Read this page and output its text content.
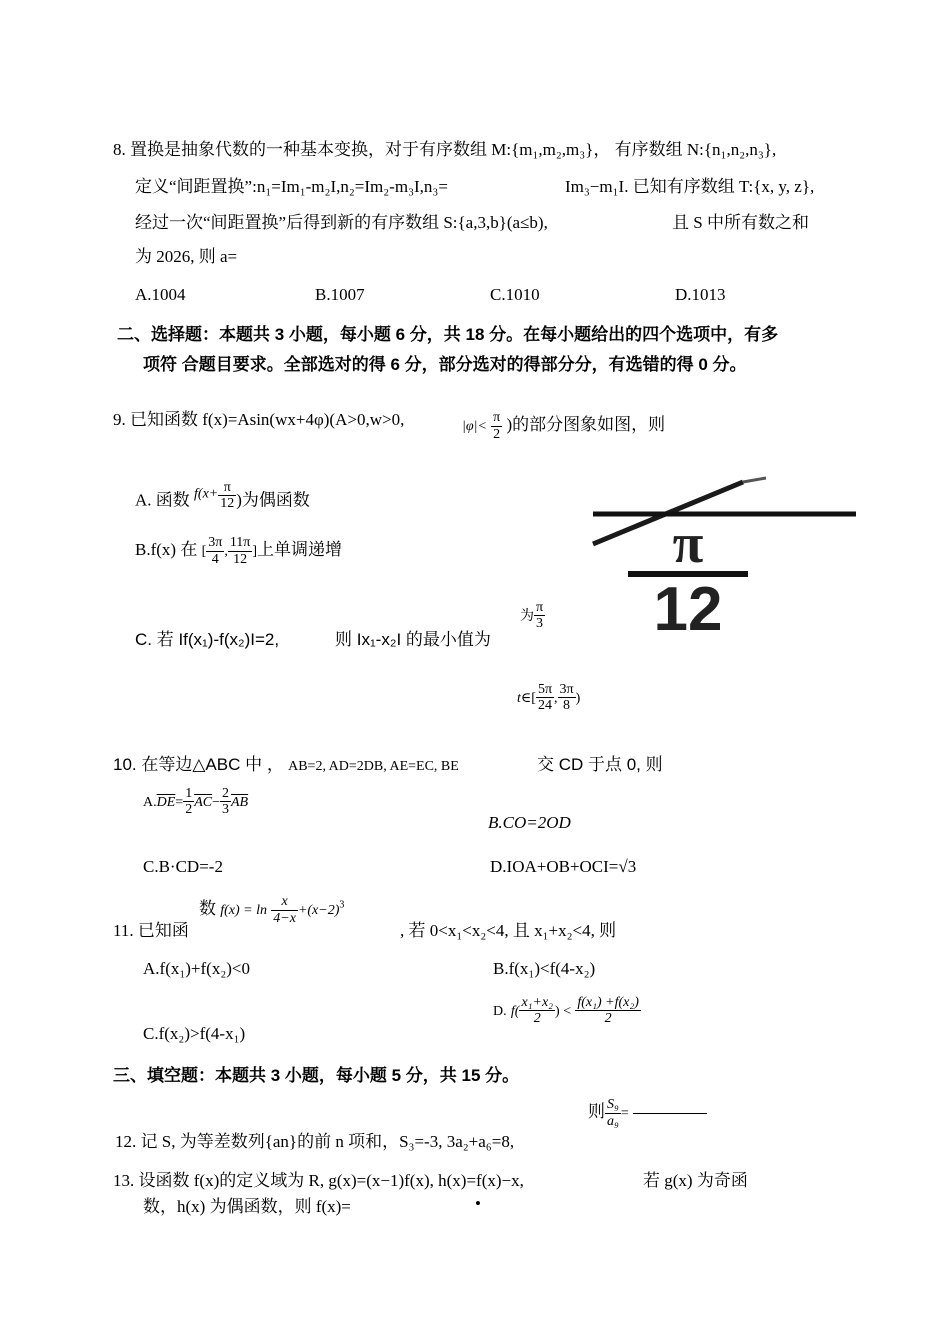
8. 置换是抽象代数的一种基本变换，对于有序数组 M:{m₁,m₂,m₃}， 有序数组 N:{n₁,n₂,n₃},
定义“间距置换”:n₁=Im₁-m₂I,n₂=Im₂-m₃I,n₃=	Im₃−m₁I. 已知有序数组 T:{x, y, z},
经过一次“间距置换”后得到新的有序数组 S:{a,3,b}(a≤b),	且 S 中所有数之和
为 2026, 则 a=
A.1004	B.1007	C.1010	D.1013
二、选择题：本题共 3 小题，每小题 6 分，共 18 分。在每小题给出的四个选项中，有多
项符 合题目要求。全部选对的得 6 分，部分选对的得部分分，有选错的得 0 分。
9. 已知函数 f(x)=Asin(wx+4φ)(A>0,w>0,	$|\varphi|< \frac{\pi}{2}$ )的部分图象如图，则
A. 函数 $^{f(x+} \frac{\pi}{12}$ )为偶函数
B.f(x) 在 [ $\frac{3\pi}{4}$ , $\frac{11\pi}{12}$ ]上单调递增
C. 若 If(x₁)-f(x₂)I=2,	则 Ix₁-x₂I 的最小值为
为 $\frac{\pi}{3}$
t∈[ $\frac{5\pi}{24}$ , $\frac{3\pi}{8}$ )
π
12
10. 在等边△ABC 中 ， AB=2, AD=2DB, AE=EC, BE	交 CD 于点 0, 则
$A.\overline{DE}= \frac{1}{2} \overline{AC}- \frac{2}{3} \overline{AB}$
B.CO=2OD
C.B·CD=-2	D.IOA+OB+OCI=√3
11. 已知函
数 $f(x) = \ln \frac{x}{4-x} +(x-2)^3$
, 若 0<x₁<x₂<4, 且 x₁+x₂<4, 则
A.f(x₁)+f(x₂)<0	B.f(x₁)<f(4-x₂)
C.f(x₂)>f(4-x₁)
D. $f( \frac{\text{x₁+x₂}}{2}$ ) < $\frac{\text{f(x₁) +f(x₂)}}{2}$
三、填空题：本题共 3 小题，每小题 5 分，共 15 分。
12. 记 S, 为等差数列{an}的前 n 项和，S₃=-3, 3a₂+a₆=8,
则 $\frac{\text{S₉}}{\text{a₉}}$ =
13. 设函数 f(x)的定义域为 R, g(x)=(x−1)f(x), h(x)=f(x)−x,	若 g(x) 为奇函
数，h(x) 为偶函数，则 f(x)=	•
